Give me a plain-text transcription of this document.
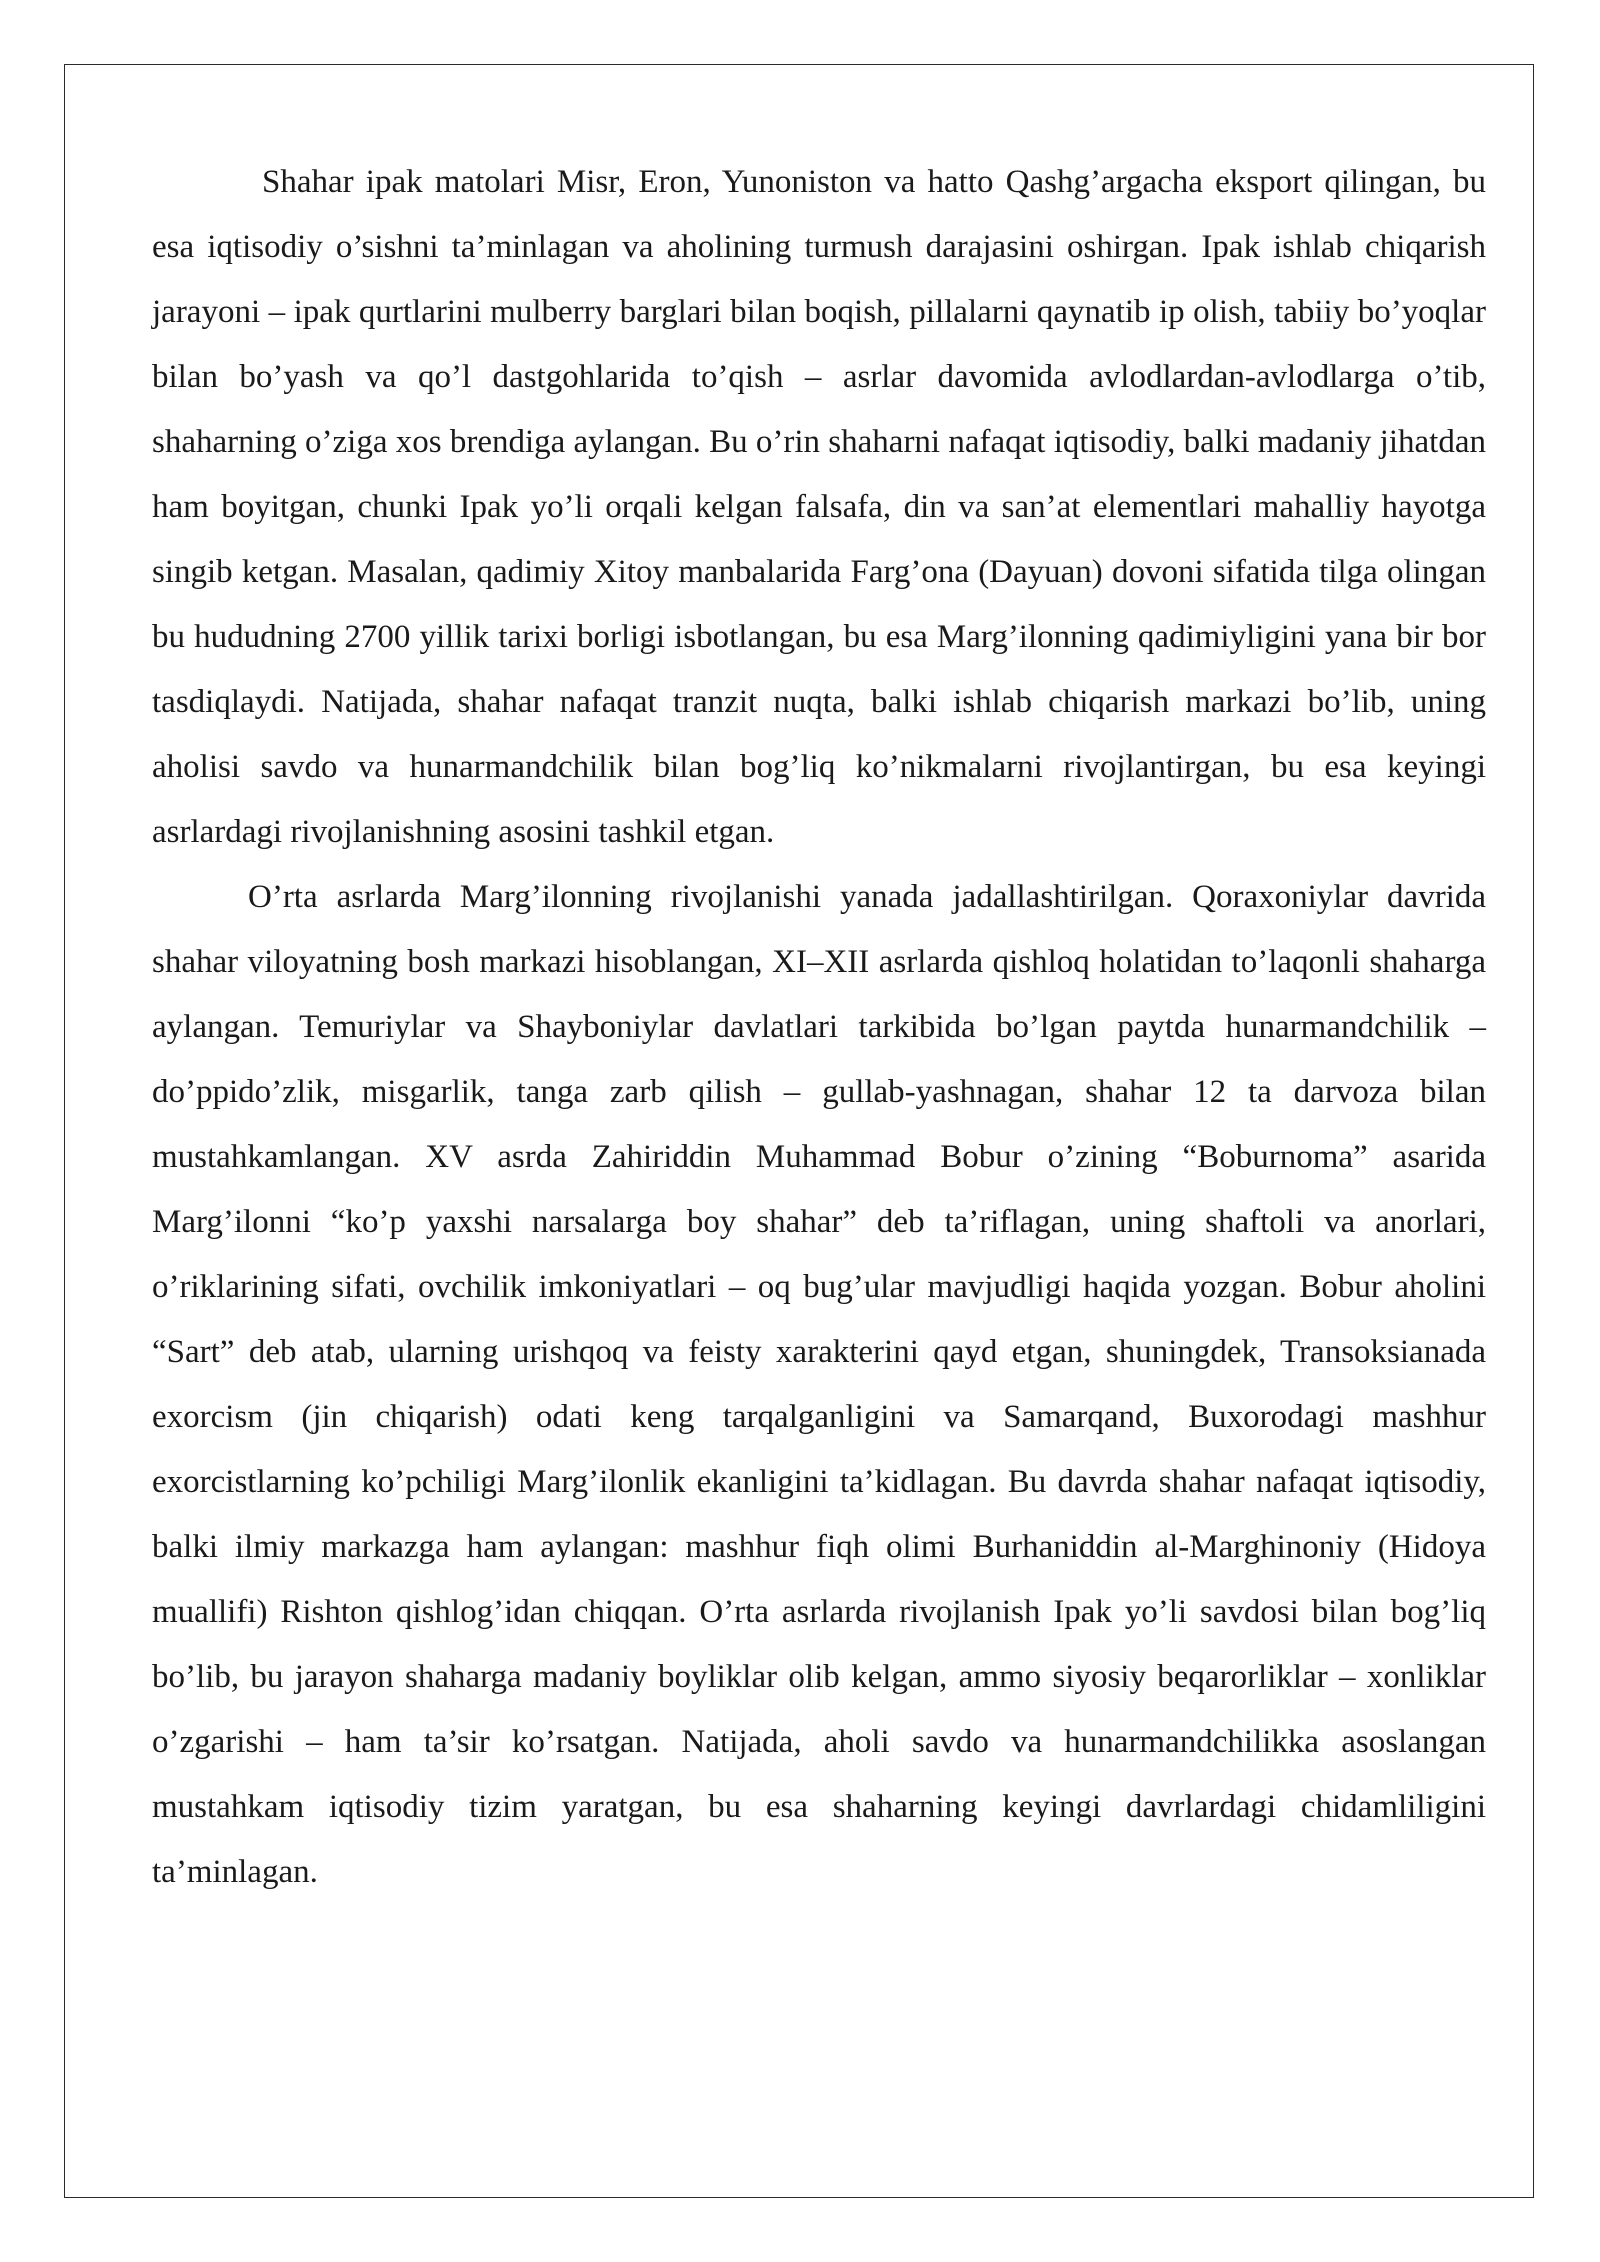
Shahar ipak matolari Misr, Eron, Yunoniston va hatto Qashg’argacha eksport qilingan, bu esa iqtisodiy o’sishni ta’minlagan va aholining turmush darajasini oshirgan. Ipak ishlab chiqarish jarayoni – ipak qurtlarini mulberry barglari bilan boqish, pillalarni qaynatib ip olish, tabiiy bo’yoqlar bilan bo’yash va qo’l dastgohlarida to’qish – asrlar davomida avlodlardan-avlodlarga o’tib, shaharning o’ziga xos brendiga aylangan. Bu o’rin shaharni nafaqat iqtisodiy, balki madaniy jihatdan ham boyitgan, chunki Ipak yo’li orqali kelgan falsafa, din va san’at elementlari mahalliy hayotga singib ketgan. Masalan, qadimiy Xitoy manbalarida Farg’ona (Dayuan) dovoni sifatida tilga olingan bu hududning 2700 yillik tarixi borligi isbotlangan, bu esa Marg’ilonning qadimiyligini yana bir bor tasdiqlaydi. Natijada, shahar nafaqat tranzit nuqta, balki ishlab chiqarish markazi bo’lib, uning aholisi savdo va hunarmandchilik bilan bog’liq ko’nikmalarni rivojlantirgan, bu esa keyingi asrlardagi rivojlanishning asosini tashkil etgan.

O’rta asrlarda Marg’ilonning rivojlanishi yanada jadallashtirilgan. Qoraxoniylar davrida shahar viloyatning bosh markazi hisoblangan, XI–XII asrlarda qishloq holatidan to’laqonli shaharga aylangan. Temuriylar va Shayboniylar davlatlari tarkibida bo’lgan paytda hunarmandchilik – do’ppido’zlik, misgarlik, tanga zarb qilish – gullab-yashnagan, shahar 12 ta darvoza bilan mustahkamlangan. XV asrda Zahiriddin Muhammad Bobur o’zining “Boburnoma” asarida Marg’ilonni “ko’p yaxshi narsalarga boy shahar” deb ta’riflagan, uning shaftoli va anorlari, o’riklarining sifati, ovchilik imkoniyatlari – oq bug’ular mavjudligi haqida yozgan. Bobur aholini “Sart” deb atab, ularning urishqoq va feisty xarakterini qayd etgan, shuningdek, Transoksianada exorcism (jin chiqarish) odati keng tarqalganligini va Samarqand, Buxorodagi mashhur exorcistlarning ko’pchiligi Marg’ilonlik ekanligini ta’kidlagan. Bu davrda shahar nafaqat iqtisodiy, balki ilmiy markazga ham aylangan: mashhur fiqh olimi Burhaniddin al-Marghinoniy (Hidoya muallifi) Rishton qishlog’idan chiqqan. O’rta asrlarda rivojlanish Ipak yo’li savdosi bilan bog’liq bo’lib, bu jarayon shaharga madaniy boyliklar olib kelgan, ammo siyosiy beqarorliklar – xonliklar o’zgarishi – ham ta’sir ko’rsatgan. Natijada, aholi savdo va hunarmandchilikka asoslangan mustahkam iqtisodiy tizim yaratgan, bu esa shaharning keyingi davrlardagi chidamliligini ta’minlagan.
